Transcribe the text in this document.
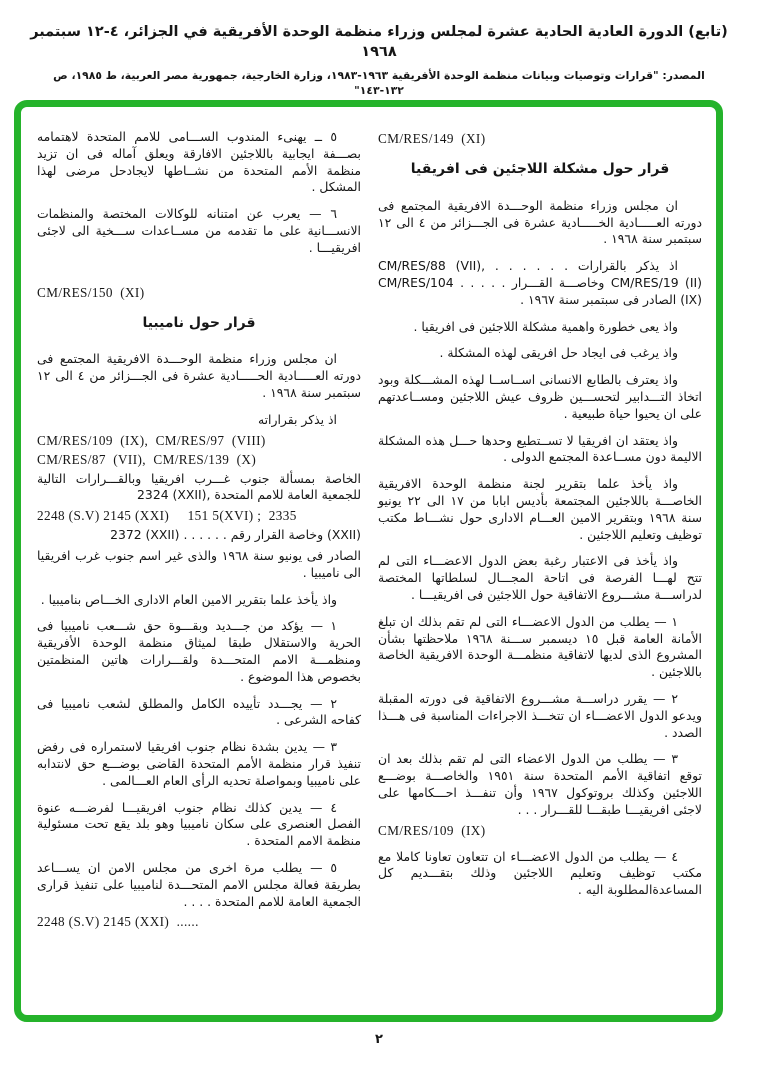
(تابع) الدورة العادية الحادية عشرة لمجلس وزراء منظمة الوحدة الأفريقية في الجزائر، ٤-١٢ سبتمبر ١٩٦٨
المصدر: "قرارات وتوصيات وبيانات منظمة الوحدة الأفريقية ١٩٦٣-١٩٨٣، وزارة الخارجية، جمهورية مصر العربية، ط ١٩٨٥، ص ١٣٢-١٤٣"
CM/RES/149  (XI)
قرار حول مشكلة اللاجئين فى افريقيا
ان مجلس وزراء منظمة الوحـــدة الافريقية المجتمع فى دورته العـــــادية الخـــــادية عشرة فى الجـــزائر من ٤ الى ١٢ سبتمبر سنة ١٩٦٨ .
اذ يذكر بالقرارات . . . ‎CM/RES/88 (VII),‎ . . . ‎CM/RES/19 (II)‎ وخاصـــة القـــرار . . . . . ‎CM/RES/104 (IX)‎ الصادر فى سبتمبر سنة ١٩٦٧ .
واذ يعى خطورة واهمية مشكلة اللاجئين فى افريقيا .
واذ يرغب فى ايجاد حل افريقى لهذه المشكلة .
واذ يعترف بالطابع الانسانى اســاســا لهذه المشـــكلة وبود اتخاذ التـــدابير لتحســـين ظروف عيش اللاجئين ومســاعدتهم على ان يحيوا حياة طبيعية .
واذ يعتقد ان افريقيا لا تســتطيع وحدها حـــل هذه المشكلة الاليمة دون مســاعدة المجتمع الدولى .
واذ يأخذ علما بتقرير لجنة منظمة الوحدة الافريقية الخاصـــة باللاجئين المجتمعة بأديس ابابا من ١٧ الى ٢٢ يونيو سنة ١٩٦٨ وبتقرير الامين العـــام الادارى حول نشـــاط مكتب توظيف وتعليم اللاجئين .
واذ يأخذ فى الاعتبار رغبة بعض الدول الاعضـــاء التى لم تتح لهـــا الفرصة فى اتاحة المجـــال لسلطاتها المختصة لدراســـة مشـــروع الاتفاقية حول اللاجئين فى افريقيـــا .
١ — يطلب من الدول الاعضـــاء التى لم تقم بذلك ان تبلغ الأمانة العامة قبل ١٥ ديسمبر ســـنة ١٩٦٨ ملاحظتها بشأن المشروع الذى لديها لاتفاقية منظمـــة الوحدة الافريقية الخاصة باللاجئين .
٢ — يقرر دراســـة مشـــروع الاتفاقية فى دورته المقبلة ويدعو الدول الاعضـــاء ان تتخـــذ الاجراءات المناسبة فى هـــذا الصدد .
٣ — يطلب من الدول الاعضاء التى لم تقم بذلك بعد ان توقع اتفاقية الأمم المتحدة سنة ١٩٥١ والخاصـــة بوضـــع اللاجئين وكذلك بروتوكول ١٩٦٧ وأن تنفـــذ احـــكامها على لاجئى افريقيـــا طبقـــا للقـــرار . . .
CM/RES/109  (IX)
٤ — يطلب من الدول الاعضـــاء ان تتعاون تعاونا كاملا مع مكتب توظيف وتعليم اللاجئين وذلك بتقـــديم كل المساعدةالمطلوبة اليه .
٥ ــ يهنىء المندوب الســـامى للامم المتحدة لاهتمامه بصـــفة ايجابية باللاجئين الافارقة ويعلق آماله فى ان تزيد منظمة الأمم المتحدة من نشــاطها لايجادحل مرضى لهذا المشكل .
٦ — يعرب عن امتنانه للوكالات المختصة والمنظمات الانســـانية على ما تقدمه من مســاعدات ســـخية الى لاجئى افريقيـــا .
CM/RES/150  (XI)
قرار حول ناميبيا
ان مجلس وزراء منظمة الوحـــدة الافريقية المجتمع فى دورته العـــــادية الحـــــادية عشرة فى الجـــزائر من ٤ الى ١٢ سبتمبر سنة ١٩٦٨ .
اذ يذكر بقراراته
CM/RES/109  (IX),  CM/RES/97  (VIII)
CM/RES/87  (VII),  CM/RES/139  (X)
الخاصة بمسألة جنوب غـــرب افريقيا وبالقـــرارات التالية للجمعية العامة للامم المتحدة ‎2324 (XXII),‎
2248 (S.V) 2145 (XXI)     151 5(XVI) ;  2335
‎(XXII)‎ وخاصة القرار رقم . . . . . . ‎2372 (XXII)‎
الصادر فى يونيو سنة ١٩٦٨ والذى غير اسم جنوب غرب افريقيا الى ناميبيا .
واذ يأخذ علما بتقرير الامين العام الادارى الخـــاص بناميبيا .
١ — يؤكد من جـــديد وبقـــوة حق شـــعب ناميبيا فى الحرية والاستقلال طبقا لميثاق منظمة الوحدة الأفريقية ومنظمـــة الامم المتحـــدة ولقـــرارات هاتين المنظمتين بخصوص هذا الموضوع .
٢ — يجـــدد تأييده الكامل والمطلق لشعب ناميبيا فى كفاحه الشرعى .
٣ — يدين بشدة نظام جنوب افريقيا لاستمراره فى رفض تنفيذ قرار منظمة الأمم المتحدة القاضى بوضـــع حق لانتدابه على ناميبيا وبمواصلة تحديه الرأى العام العـــالمى .
٤ — يدين كذلك نظام جنوب افريقيـــا لفرضـــه عنوة الفصل العنصرى على سكان ناميبيا وهو بلد يقع تحت مسئولية منظمة الامم المتحدة .
٥ — يطلب مرة اخرى من مجلس الامن ان يســـاعد بطريقة فعالة مجلس الامم المتحـــدة لناميبيا على تنفيذ قرارى الجمعية العامة للامم المتحدة . . . .
2248 (S.V) 2145 (XXI)  ......
٢
